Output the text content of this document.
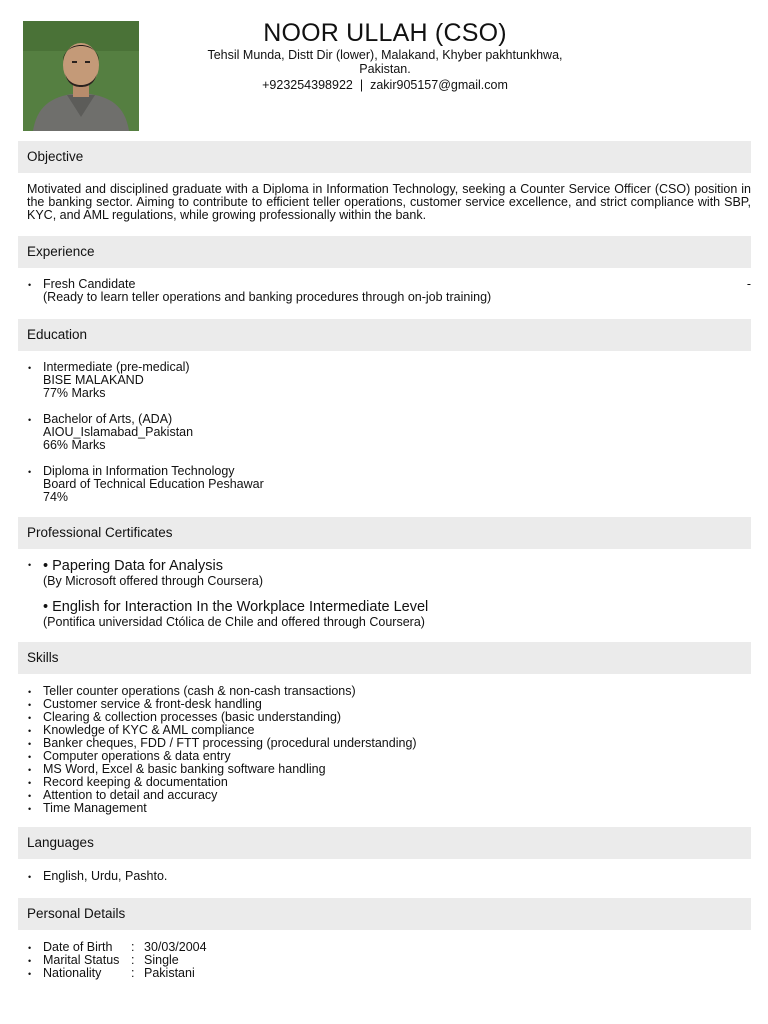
NOOR ULLAH (CSO)
Tehsil Munda, Distt Dir (lower), Malakand, Khyber pakhtunkhwa,
Pakistan.
+923254398922 | zakir905157@gmail.com
Objective
Motivated and disciplined graduate with a Diploma in Information Technology, seeking a Counter Service Officer (CSO) position in the banking sector. Aiming to contribute to efficient teller operations, customer service excellence, and strict compliance with SBP, KYC, and AML regulations, while growing professionally within the bank.
Experience
• Fresh Candidate
(Ready to learn teller operations and banking procedures through on-job training)
-
Education
• Intermediate (pre-medical)
BISE MALAKAND
77% Marks
• Bachelor of Arts, (ADA)
AIOU_Islamabad_Pakistan
66% Marks
• Diploma in Information Technology
Board of Technical Education Peshawar
74%
Professional Certificates
• • Papering Data for Analysis
(By Microsoft offered through Coursera)
• English for Interaction In the Workplace Intermediate Level
(Pontifica universidad Ctólica de Chile and offered through Coursera)
Skills
• Teller counter operations (cash & non-cash transactions)
• Customer service & front-desk handling
• Clearing & collection processes (basic understanding)
• Knowledge of KYC & AML compliance
• Banker cheques, FDD / FTT processing (procedural understanding)
• Computer operations & data entry
• MS Word, Excel & basic banking software handling
• Record keeping & documentation
• Attention to detail and accuracy
• Time Management
Languages
• English, Urdu, Pashto.
Personal Details
• Date of Birth : 30/03/2004
• Marital Status : Single
• Nationality : Pakistani
